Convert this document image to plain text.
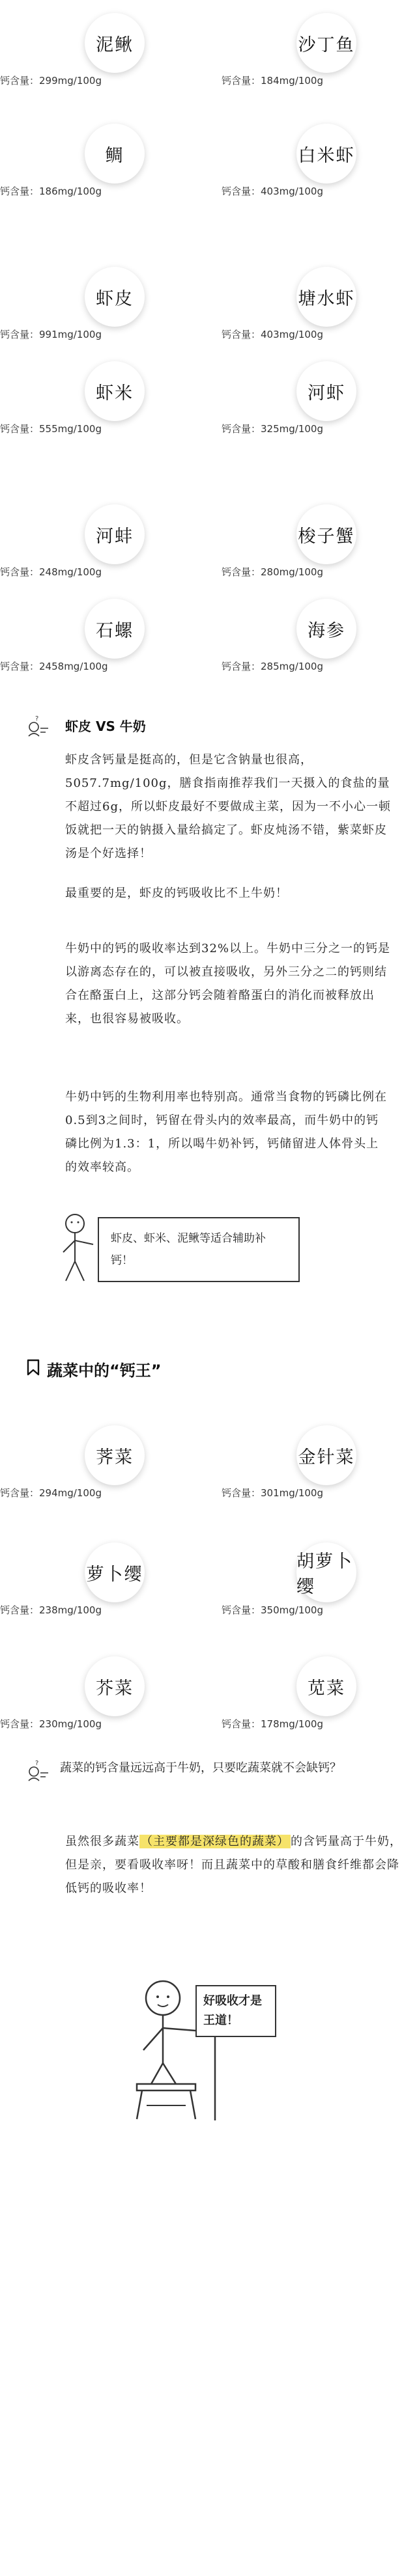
泥鳅
钙含量：299mg/100g
沙丁鱼
钙含量：184mg/100g
鲷
钙含量：186mg/100g
白米虾
钙含量：403mg/100g
虾皮
钙含量：991mg/100g
塘水虾
钙含量：403mg/100g
虾米
钙含量：555mg/100g
河虾
钙含量：325mg/100g
河蚌
钙含量：248mg/100g
梭子蟹
钙含量：280mg/100g
石螺
钙含量：2458mg/100g
海参
钙含量：285mg/100g
? 虾皮 VS 牛奶
虾皮含钙量是挺高的，但是它含钠量也很高，5057.7mg/100g，膳食指南推荐我们一天摄入的食盐的量不超过6g，所以虾皮最好不要做成主菜，因为一不小心一顿饭就把一天的钠摄入量给搞定了。虾皮炖汤不错，紫菜虾皮汤是个好选择！
最重要的是，虾皮的钙吸收比不上牛奶！
牛奶中的钙的吸收率达到32%以上。牛奶中三分之一的钙是以游离态存在的，可以被直接吸收，另外三分之二的钙则结合在酪蛋白上，这部分钙会随着酪蛋白的消化而被释放出来，也很容易被吸收。
牛奶中钙的生物利用率也特别高。通常当食物的钙磷比例在0.5到3之间时，钙留在骨头内的效率最高，而牛奶中的钙磷比例为1.3：1，所以喝牛奶补钙，钙储留进人体骨头上的效率较高。
虾皮、虾米、泥鳅等适合辅助补钙！
蔬菜中的“钙王”
荠菜
钙含量：294mg/100g
金针菜
钙含量：301mg/100g
萝卜缨
钙含量：238mg/100g
胡萝卜缨
钙含量：350mg/100g
芥菜
钙含量：230mg/100g
苋菜
钙含量：178mg/100g
? 蔬菜的钙含量远远高于牛奶，只要吃蔬菜就不会缺钙？
虽然很多蔬菜 （主要都是深绿色的蔬菜） 的含钙量高于牛奶，但是亲，要看吸收率呀！而且蔬菜中的草酸和膳食纤维都会降低钙的吸收率！
好吸收才是王道！
